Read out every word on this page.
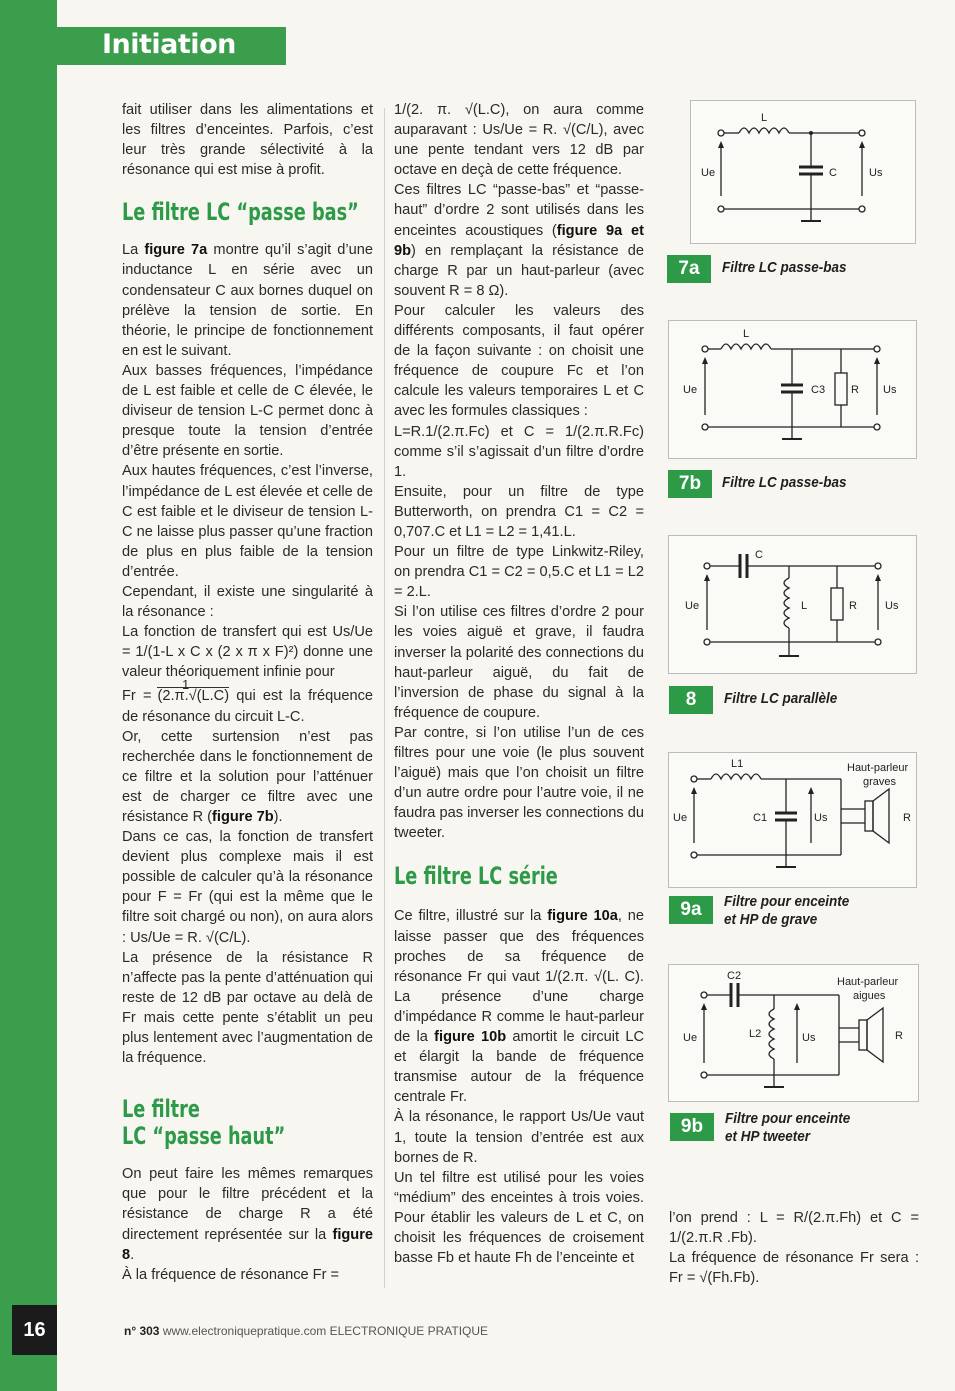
Initiation

fait utiliser dans les alimentations et les filtres d’enceintes. Parfois, c’est leur très grande sélectivité à la résonance qui est mise à profit.

Le filtre LC “passe bas”

La figure 7a montre qu’il s’agit d’une inductance L en série avec un condensateur C aux bornes duquel on prélève la tension de sortie. En théorie, le principe de fonctionnement en est le suivant.

Aux basses fréquences, l’impédance de L est faible et celle de C élevée, le diviseur de tension L-C permet donc à presque toute la tension d’entrée d’être présente en sortie.

Aux hautes fréquences, c’est l’inverse, l’impédance de L est élevée et celle de C est faible et le diviseur de tension L-C ne laisse plus passer qu’une fraction de plus en plus faible de la tension d’entrée.

Cependant, il existe une singularité à la résonance :

La fonction de transfert qui est Us/Ue = 1/(1-L x C x (2 x π x F)²) donne une valeur théoriquement infinie pour

Fr =
1
(2.π.√(L.C) qui est la fréquence de résonance du circuit L-C.

Or, cette surtension n’est pas recherchée dans le fonctionnement de ce filtre et la solution pour l’atténuer est de charger ce filtre avec une résistance R (figure 7b).

Dans ce cas, la fonction de transfert devient plus complexe mais il est possible de calculer qu’à la résonance pour F = Fr (qui est la même que le filtre soit chargé ou non), on aura alors : Us/Ue = R. √(C/L).

La présence de la résistance R n’affecte pas la pente d’atténuation qui reste de 12 dB par octave au delà de Fr mais cette pente s’établit un peu plus lentement avec l’augmentation de la fréquence.

Le filtre
LC “passe haut”

On peut faire les mêmes remarques que pour le filtre précédent et la résistance de charge R a été directement représentée sur la figure 8.

À la fréquence de résonance Fr =

1/(2. π. √(L.C), on aura comme auparavant : Us/Ue = R. √(C/L), avec une pente tendant vers 12 dB par octave en deçà de cette fréquence.

Ces filtres LC “passe-bas” et “passe-haut” d’ordre 2 sont utilisés dans les enceintes acoustiques (figure 9a et 9b) en remplaçant la résistance de charge R par un haut-parleur (avec souvent R = 8 Ω).

Pour calculer les valeurs des différents composants, il faut opérer de la façon suivante : on choisit une fréquence de coupure Fc et l’on calcule les valeurs temporaires L et C avec les formules classiques :

L=R.1/(2.π.Fc) et C = 1/(2.π.R.Fc) comme s’il s’agissait d’un filtre d’ordre 1.

Ensuite, pour un filtre de type Butterworth, on prendra C1 = C2 = 0,707.C et L1 = L2 = 1,41.L.

Pour un filtre de type Linkwitz-Riley, on prendra C1 = C2 = 0,5.C et L1 = L2 = 2.L.

Si l’on utilise ces filtres d’ordre 2 pour les voies aiguë et grave, il faudra inverser la polarité des connections du haut-parleur aiguë, du fait de l’inversion de phase du signal à la fréquence de coupure.

Par contre, si l’on utilise l’un de ces filtres pour une voie (le plus souvent l’aiguë) mais que l’on choisit un filtre d’un autre ordre pour l’autre voie, il ne faudra pas inverser les connections du tweeter.

Le filtre LC série

Ce filtre, illustré sur la figure 10a, ne laisse passer que des fréquences proches de sa fréquence de résonance Fr qui vaut 1/(2.π. √(L. C). La présence d’une charge d’impédance R comme le haut-parleur de la figure 10b amortit le circuit LC et élargit la bande de fréquence transmise autour de la fréquence centrale Fr.

À la résonance, le rapport Us/Ue vaut 1, toute la tension d’entrée est aux bornes de R.

Un tel filtre est utilisé pour les voies “médium” des enceintes à trois voies. Pour établir les valeurs de L et C, on choisit les fréquences de croisement basse Fb et haute Fh de l’enceinte et

l’on prend : L = R/(2.π.Fh) et C = 1/(2.π.R .Fb).

La fréquence de résonance Fr sera : Fr = √(Fh.Fb).

L
C
Ue	Us
7a	Filtre LC passe-bas
L
C3 R
Ue	Us
7b	Filtre LC passe-bas
C
L	R
Ue	Us
8	Filtre LC parallèle
L1
C1
Ue	Us	R
Haut-parleur
graves
9a	Filtre pour enceinte
et HP de grave
C2
L2
Ue	Us	R
Haut-parleur
aigues
9b	Filtre pour enceinte
et HP tweeter
16	n° 303 www.electroniquepratique.com ELECTRONIQUE PRATIQUE
